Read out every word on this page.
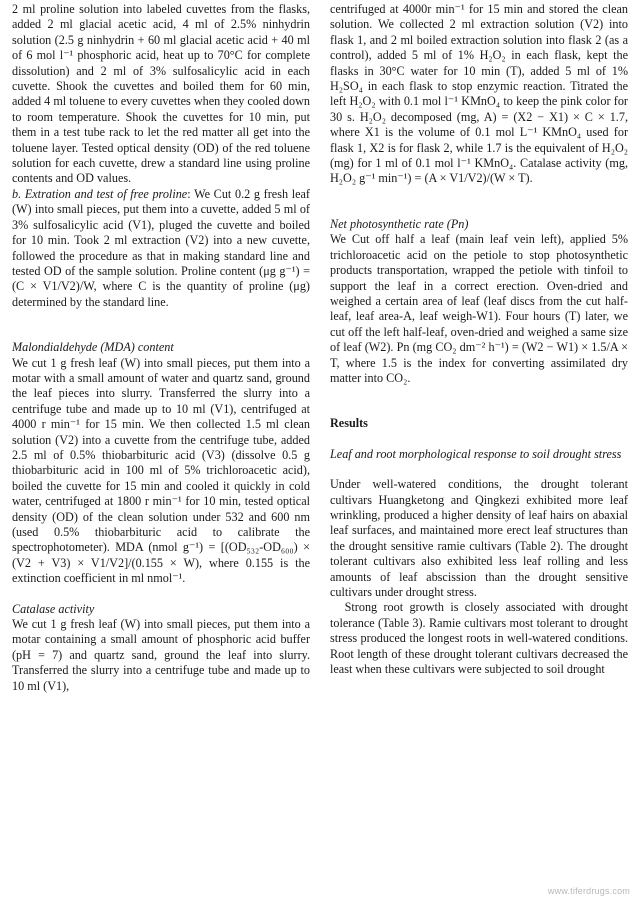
2 ml proline solution into labeled cuvettes from the flasks, added 2 ml glacial acetic acid, 4 ml of 2.5% ninhydrin solution (2.5 g ninhydrin + 60 ml glacial acetic acid + 40 ml of 6 mol l⁻¹ phosphoric acid, heat up to 70°C for complete dissolution) and 2 ml of 3% sulfosalicylic acid in each cuvette. Shook the cuvettes and boiled them for 60 min, added 4 ml toluene to every cuvettes when they cooled down to room temperature. Shook the cuvettes for 10 min, put them in a test tube rack to let the red matter all get into the toluene layer. Tested optical density (OD) of the red toluene solution for each cuvette, drew a standard line using proline contents and OD values.

b. Extration and test of free proline: We Cut 0.2 g fresh leaf (W) into small pieces, put them into a cuvette, added 5 ml of 3% sulfosalicylic acid (V1), pluged the cuvette and boiled for 10 min. Took 2 ml extraction (V2) into a new cuvette, followed the procedure as that in making standard line and tested OD of the sample solution. Proline content (μg g⁻¹) = (C × V1/V2)/W, where C is the quantity of proline (μg) determined by the standard line.

Malondialdehyde (MDA) content

We cut 1 g fresh leaf (W) into small pieces, put them into a motar with a small amount of water and quartz sand, ground the leaf pieces into slurry. Transferred the slurry into a centrifuge tube and made up to 10 ml (V1), centrifuged at 4000 r min⁻¹ for 15 min. We then collected 1.5 ml clean solution (V2) into a cuvette from the centrifuge tube, added 2.5 ml of 0.5% thiobarbituric acid (V3) (dissolve 0.5 g thiobarbituric acid in 100 ml of 5% trichloroacetic acid), boiled the cuvette for 15 min and cooled it quickly in cold water, centrifuged at 1800 r min⁻¹ for 10 min, tested optical density (OD) of the clean solution under 532 and 600 nm (used 0.5% thiobarbituric acid to calibrate the spectrophotometer). MDA (nmol g⁻¹) = [(OD₅₃₂-OD₆₀₀) × (V2 + V3) × V1/V2]/(0.155 × W), where 0.155 is the extinction coefficient in ml nmol⁻¹.

Catalase activity

We cut 1 g fresh leaf (W) into small pieces, put them into a motar containing a small amount of phosphoric acid buffer (pH = 7) and quartz sand, ground the leaf into slurry. Transferred the slurry into a centrifuge tube and made up to 10 ml (V1),

centrifuged at 4000r min⁻¹ for 15 min and stored the clean solution. We collected 2 ml extraction solution (V2) into flask 1, and 2 ml boiled extraction solution into flask 2 (as a control), added 5 ml of 1% H₂O₂ in each flask, kept the flasks in 30°C water for 10 min (T), added 5 ml of 1% H₂SO₄ in each flask to stop enzymic reaction. Titrated the left H₂O₂ with 0.1 mol l⁻¹ KMnO₄ to keep the pink color for 30 s. H₂O₂ decomposed (mg, A) = (X2 − X1) × C × 1.7, where X1 is the volume of 0.1 mol L⁻¹ KMnO₄ used for flask 1, X2 is for flask 2, while 1.7 is the equivalent of H₂O₂ (mg) for 1 ml of 0.1 mol l⁻¹ KMnO₄. Catalase activity (mg, H₂O₂ g⁻¹ min⁻¹) = (A × V1/V2)/(W × T).

Net photosynthetic rate (Pn)

We Cut off half a leaf (main leaf vein left), applied 5% trichloroacetic acid on the petiole to stop photosynthetic products transportation, wrapped the petiole with tinfoil to support the leaf in a correct erection. Oven-dried and weighed a certain area of leaf (leaf discs from the cut half-leaf, leaf area-A, leaf weigh-W1). Four hours (T) later, we cut off the left half-leaf, oven-dried and weighed a same size of leaf (W2). Pn (mg CO₂ dm⁻² h⁻¹) = (W2 − W1) × 1.5/A × T, where 1.5 is the index for converting assimilated dry matter into CO₂.

Results

Leaf and root morphological response to soil drought stress

Under well-watered conditions, the drought tolerant cultivars Huangketong and Qingkezi exhibited more leaf wrinkling, produced a higher density of leaf hairs on abaxial leaf surfaces, and maintained more erect leaf structures than the drought sensitive ramie cultivars (Table 2). The drought tolerant cultivars also exhibited less leaf rolling and less amounts of leaf abscission than the drought sensitive cultivars under drought stress.

Strong root growth is closely associated with drought tolerance (Table 3). Ramie cultivars most tolerant to drought stress produced the longest roots in well-watered conditions. Root length of these drought tolerant cultivars decreased the least when these cultivars were subjected to soil drought

www.tiferdrugs.com
